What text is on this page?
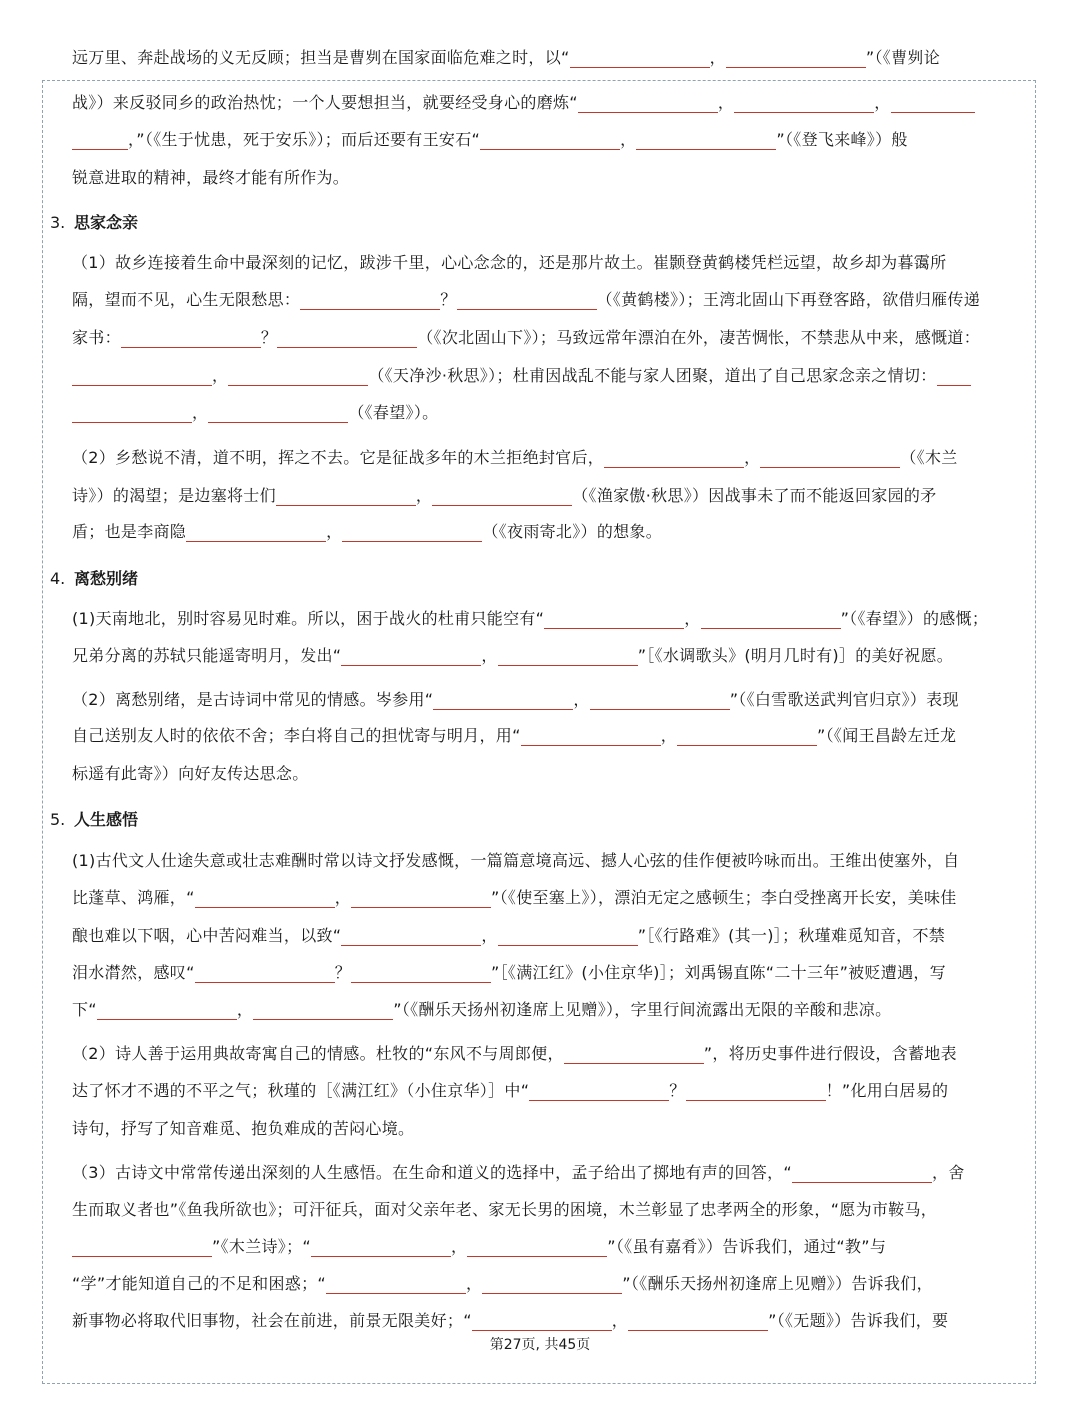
远万里、奔赴战场的义无反顾；担当是曹刿在国家面临危难之时，以“	，	”（《曹刿论
战》）来反驳同乡的政治热忱；一个人要想担当，就要经受身心的磨炼“	，	，
，”（《生于忧患，死于安乐》）；而后还要有王安石“	，	”（《登飞来峰》）般
锐意进取的精神，最终才能有所作为。
3. 思家念亲
（1）故乡连接着生命中最深刻的记忆，跋涉千里，心心念念的，还是那片故土。崔颢登黄鹤楼凭栏远望，故乡却为暮霭所
隔，望而不见，心生无限愁思：	？	（《黄鹤楼》）；王湾北固山下再登客路，欲借归雁传递
家书：	？	（《次北固山下》）；马致远常年漂泊在外，凄苦惆怅，不禁悲从中来，感慨道：
，	（《天净沙·秋思》）；杜甫因战乱不能与家人团聚，道出了自己思家念亲之情切：
，	（《春望》）。
（2）乡愁说不清，道不明，挥之不去。它是征战多年的木兰拒绝封官后，	，	（《木兰
诗》）的渴望；是边塞将士们	，	（《渔家傲·秋思》）因战事未了而不能返回家园的矛
盾；也是李商隐	，	（《夜雨寄北》）的想象。
4. 离愁别绪
(1)天南地北，别时容易见时难。所以，困于战火的杜甫只能空有“	，	”（《春望》）的感慨；
兄弟分离的苏轼只能遥寄明月，发出“	，	”［《水调歌头》(明月几时有)］的美好祝愿。
（2）离愁别绪，是古诗词中常见的情感。岑参用“	，	”（《白雪歌送武判官归京》）表现
自己送别友人时的依依不舍；李白将自己的担忧寄与明月，用“	，	”（《闻王昌龄左迁龙
标遥有此寄》）向好友传达思念。
5. 人生感悟
(1)古代文人仕途失意或壮志难酬时常以诗文抒发感慨，一篇篇意境高远、撼人心弦的佳作便被吟咏而出。王维出使塞外，自
比蓬草、鸿雁，“	，	”（《使至塞上》），漂泊无定之感顿生；李白受挫离开长安，美味佳
酿也难以下咽，心中苦闷难当，以致“	，	”［《行路难》(其一)］；秋瑾难觅知音，不禁
泪水潸然，感叹“	？	”［《满江红》(小住京华)］；刘禹锡直陈“二十三年”被贬遭遇，写
下“	，	”（《酬乐天扬州初逢席上见赠》），字里行间流露出无限的辛酸和悲凉。
（2）诗人善于运用典故寄寓自己的情感。杜牧的“东风不与周郎便，	”，将历史事件进行假设，含蓄地表
达了怀才不遇的不平之气；秋瑾的［《满江红》（小住京华）］中“	？	！”化用白居易的
诗句，抒写了知音难觅、抱负难成的苦闷心境。
（3）古诗文中常常传递出深刻的人生感悟。在生命和道义的选择中，孟子给出了掷地有声的回答，“	，舍
生而取义者也”《鱼我所欲也》；可汗征兵，面对父亲年老、家无长男的困境，木兰彰显了忠孝两全的形象，“愿为市鞍马，
”《木兰诗》；“	，	”（《虽有嘉肴》）告诉我们，通过“教”与
“学”才能知道自己的不足和困惑；“	，	”（《酬乐天扬州初逢席上见赠》）告诉我们，
新事物必将取代旧事物，社会在前进，前景无限美好；“	，	”（《无题》）告诉我们，要
第27页, 共45页
